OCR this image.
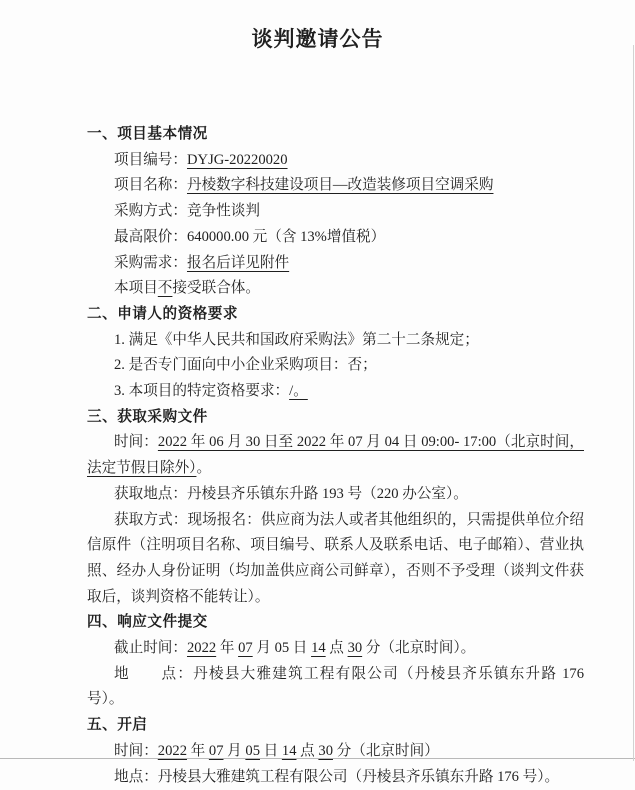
谈判邀请公告
一、项目基本情况

项目编号：DYJG-20220020

项目名称：丹棱数字科技建设项目—改造装修项目空调采购

采购方式：竞争性谈判

最高限价：640000.00 元（含 13%增值税）

采购需求：报名后详见附件

本项目不接受联合体。

二、申请人的资格要求

1. 满足《中华人民共和国政府采购法》第二十二条规定；

2. 是否专门面向中小企业采购项目：否；

3. 本项目的特定资格要求：/。

三、获取采购文件

时间：2022 年 06 月 30 日至 2022 年 07 月 04 日 09:00- 17:00（北京时间，法定节假日除外）。

获取地点：丹棱县齐乐镇东升路 193 号（220 办公室）。

获取方式：现场报名：供应商为法人或者其他组织的，只需提供单位介绍信原件（注明项目名称、项目编号、联系人及联系电话、电子邮箱）、营业执照、经办人身份证明（均加盖供应商公司鲜章），否则不予受理（谈判文件获取后，谈判资格不能转让）。

四、响应文件提交

截止时间：2022 年 07 月 05 日 14 点 30 分（北京时间）。

地　　点：丹棱县大雅建筑工程有限公司（丹棱县齐乐镇东升路 176 号）。

五、开启

时间：2022 年 07 月 05 日 14 点 30 分（北京时间）

地点：丹棱县大雅建筑工程有限公司（丹棱县齐乐镇东升路 176 号）。
